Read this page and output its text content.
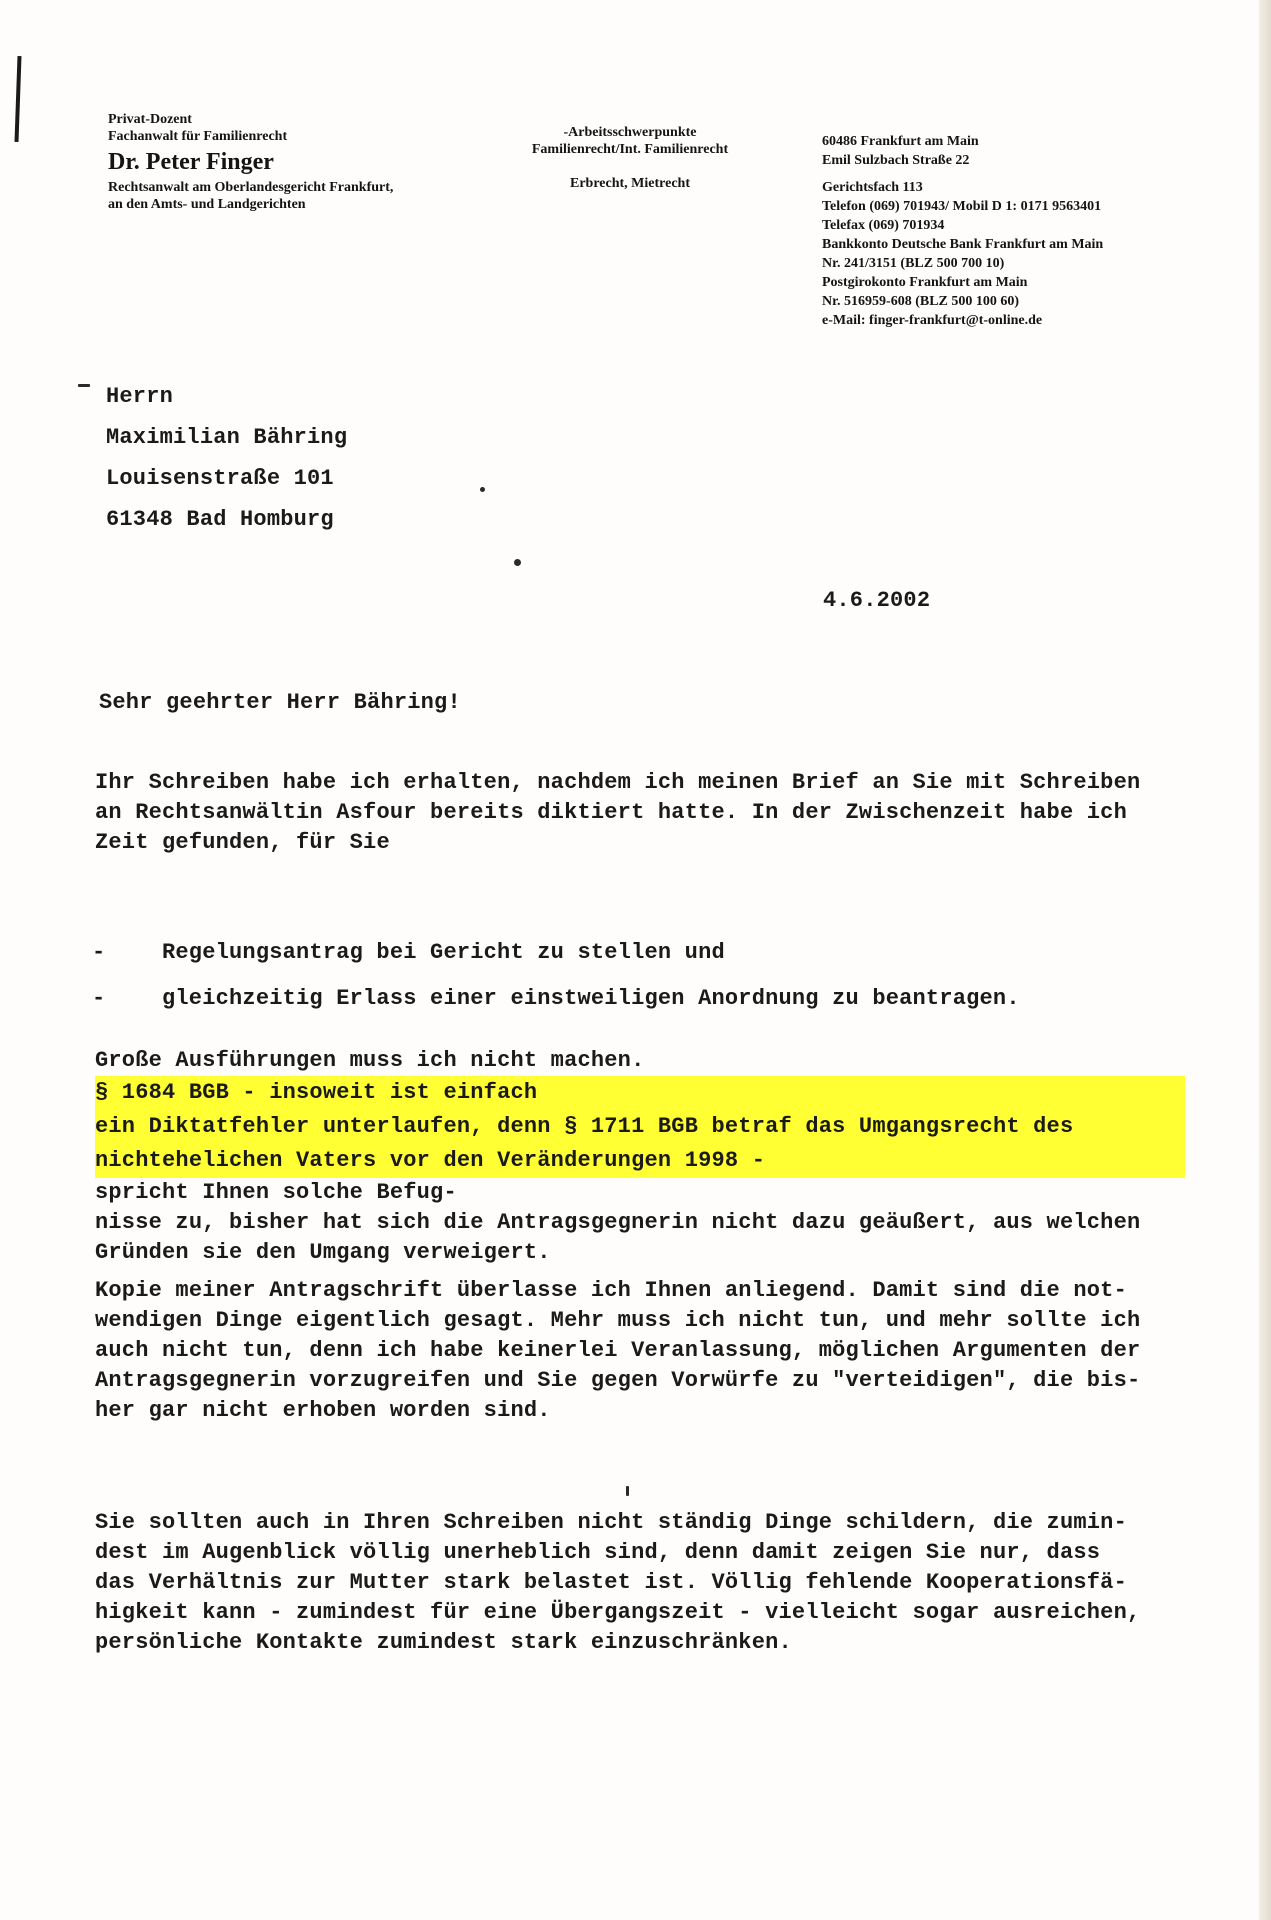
Privat-Dozent
Fachanwalt für Familienrecht
Dr. Peter Finger
Rechtsanwalt am Oberlandesgericht Frankfurt,
an den Amts- und Landgerichten
-Arbeitsschwerpunkte
Familienrecht/Int. Familienrecht
Erbrecht, Mietrecht
60486 Frankfurt am Main
Emil Sulzbach Straße 22
Gerichtsfach 113
Telefon (069) 701943/ Mobil D 1: 0171 9563401
Telefax (069) 701934
Bankkonto Deutsche Bank Frankfurt am Main
Nr. 241/3151 (BLZ 500 700 10)
Postgirokonto Frankfurt am Main
Nr. 516959-608 (BLZ 500 100 60)
e-Mail: finger-frankfurt@t-online.de
Herrn
Maximilian Bähring
Louisenstraße 101
61348 Bad Homburg
4.6.2002
Sehr geehrter Herr Bähring!
Ihr Schreiben habe ich erhalten, nachdem ich meinen Brief an Sie mit Schreiben
an Rechtsanwältin Asfour bereits diktiert hatte. In der Zwischenzeit habe ich
Zeit gefunden, für Sie
-	Regelungsantrag bei Gericht zu stellen und
-	gleichzeitig Erlass einer einstweiligen Anordnung zu beantragen.
Große Ausführungen muss ich nicht machen.
§ 1684 BGB - insoweit ist einfach
ein Diktatfehler unterlaufen, denn § 1711 BGB betraf das Umgangsrecht des
nichtehelichen Vaters vor den Veränderungen 1998 -
spricht Ihnen solche Befug-
nisse zu, bisher hat sich die Antragsgegnerin nicht dazu geäußert, aus welchen
Gründen sie den Umgang verweigert.
Kopie meiner Antragschrift überlasse ich Ihnen anliegend. Damit sind die not-
wendigen Dinge eigentlich gesagt. Mehr muss ich nicht tun, und mehr sollte ich
auch nicht tun, denn ich habe keinerlei Veranlassung, möglichen Argumenten der
Antragsgegnerin vorzugreifen und Sie gegen Vorwürfe zu "verteidigen", die bis-
her gar nicht erhoben worden sind.
Sie sollten auch in Ihren Schreiben nicht ständig Dinge schildern, die zumin-
dest im Augenblick völlig unerheblich sind, denn damit zeigen Sie nur, dass
das Verhältnis zur Mutter stark belastet ist. Völlig fehlende Kooperationsfä-
higkeit kann - zumindest für eine Übergangszeit - vielleicht sogar ausreichen,
persönliche Kontakte zumindest stark einzuschränken.
